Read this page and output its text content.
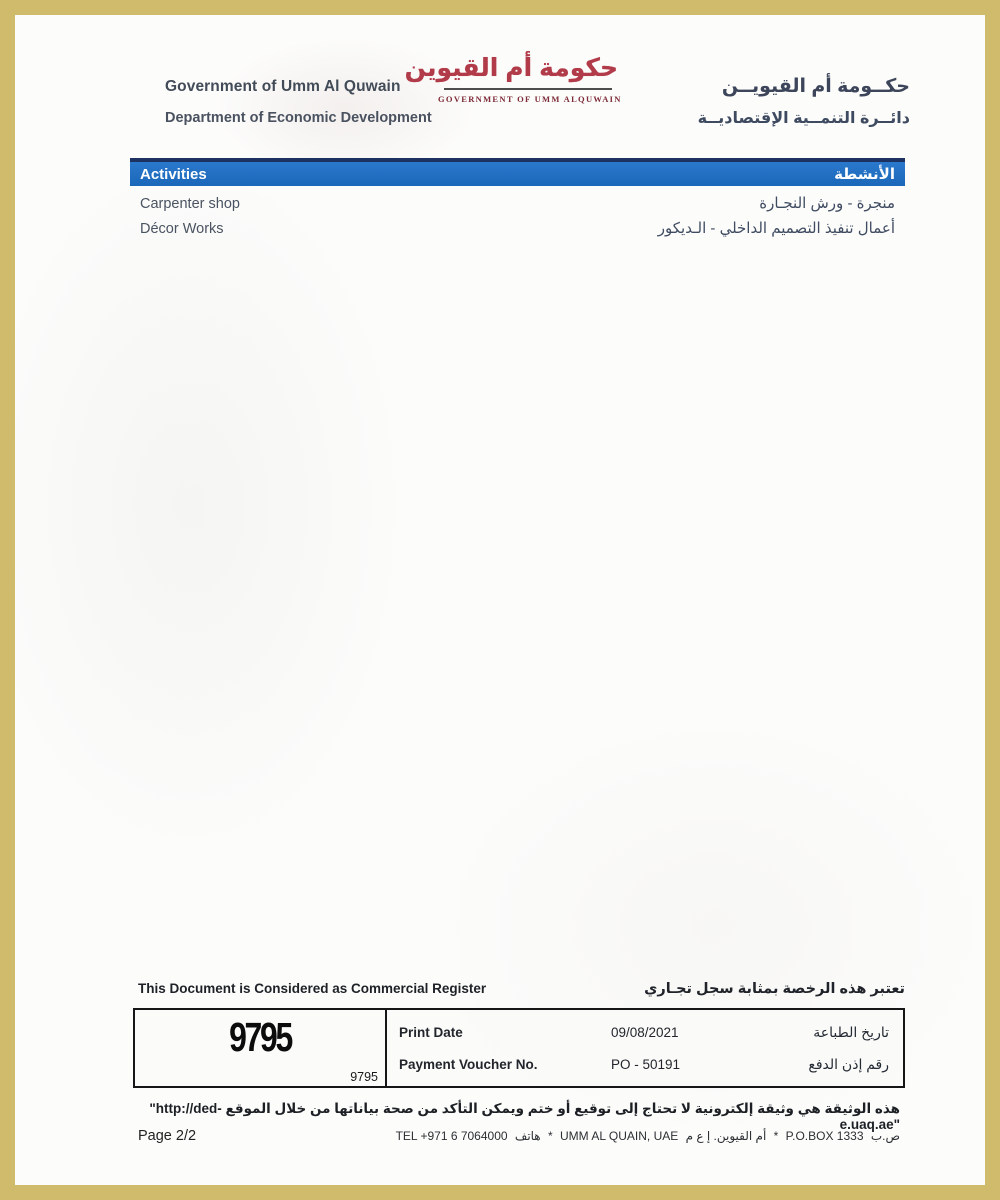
Government of Umm Al Quwain
Department of Economic Development
حكومة أم القيوين
GOVERNMENT OF UMM ALQUWAIN
حكــومة أم القيويــن
دائــرة التنمــية الإقتصاديــة
Activities	الأنشطة
Carpenter shop	منجرة - ورش النجـارة
Décor Works	أعمال تنفيذ التصميم الداخلي - الـديكور
This Document is Considered as Commercial Register	تعتبر هذه الرخصة بمثابة سجل تجـاري
9795
9795
Print Date	09/08/2021	تاريخ الطباعة
Payment Voucher No.	PO - 50191	رقم إذن الدفع
هذه الوثيقة هي وثيقة إلكترونية لا تحتاج إلى توقيع أو ختم ويمكن التأكد من صحة بياناتها من خلال الموقع "http://ded-e.uaq.ae"
Page 2/2	TEL +971 6 7064000 هاتف * UMM AL QUAIN, UAE أم القيوين. إ ع م * P.O.BOX 1333 ص.ب
